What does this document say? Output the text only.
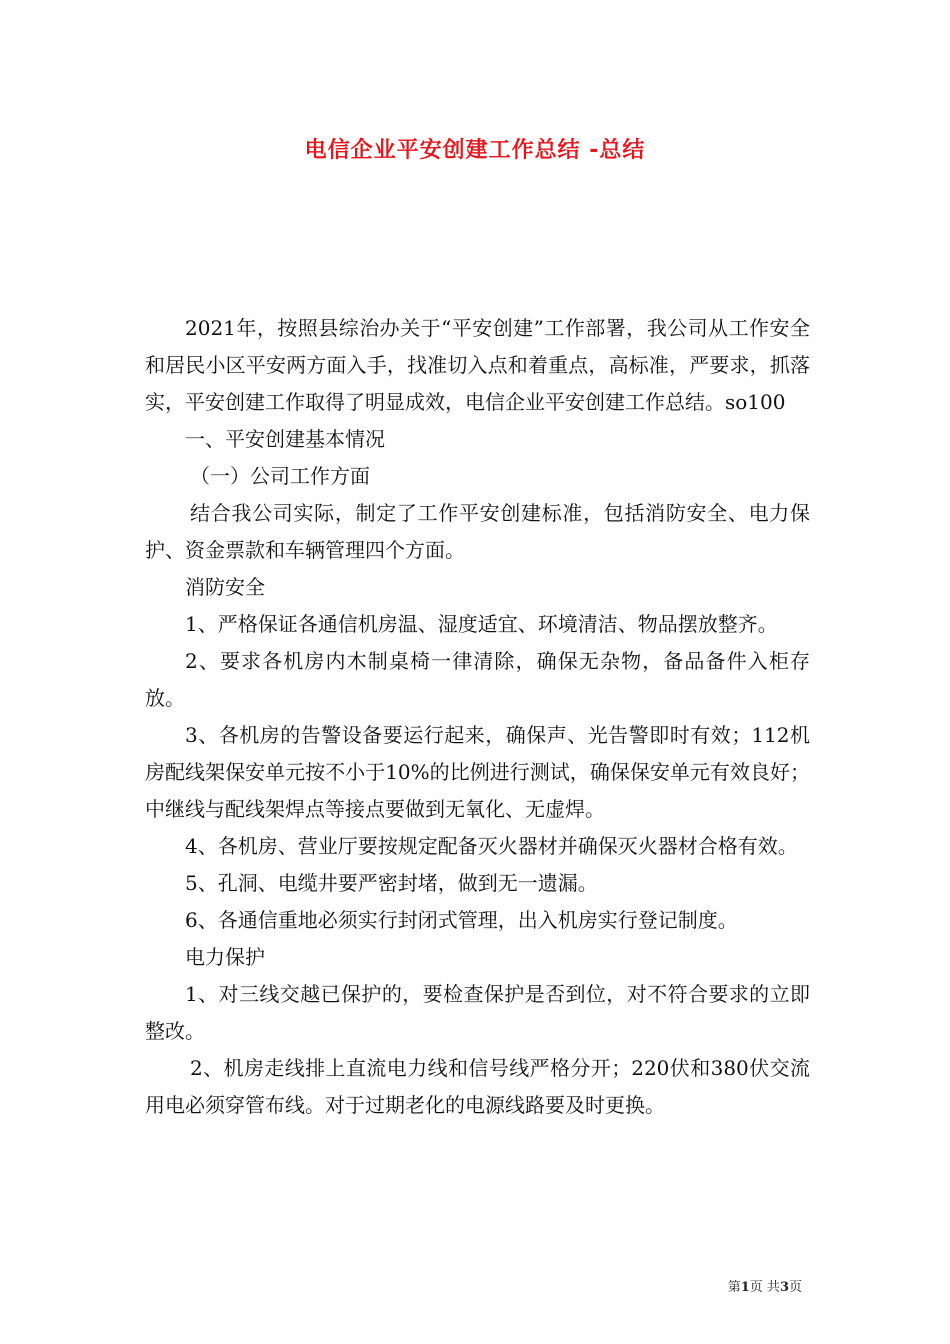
电信企业平安创建工作总结 -总结

2021年，按照县综治办关于“平安创建”工作部署，我公司从工作安全和居民小区平安两方面入手，找准切入点和着重点，高标准，严要求，抓落实，平安创建工作取得了明显成效，电信企业平安创建工作总结。so100

一、平安创建基本情况

（一）公司工作方面

结合我公司实际，制定了工作平安创建标准，包括消防安全、电力保护、资金票款和车辆管理四个方面。

消防安全

1、严格保证各通信机房温、湿度适宜、环境清洁、物品摆放整齐。

2、要求各机房内木制桌椅一律清除，确保无杂物，备品备件入柜存放。

3、各机房的告警设备要运行起来，确保声、光告警即时有效；112机房配线架保安单元按不小于10%的比例进行测试，确保保安单元有效良好；中继线与配线架焊点等接点要做到无氧化、无虚焊。

4、各机房、营业厅要按规定配备灭火器材并确保灭火器材合格有效。

5、孔洞、电缆井要严密封堵，做到无一遗漏。

6、各通信重地必须实行封闭式管理，出入机房实行登记制度。

电力保护

1、对三线交越已保护的，要检查保护是否到位，对不符合要求的立即整改。

2、机房走线排上直流电力线和信号线严格分开；220伏和380伏交流用电必须穿管布线。对于过期老化的电源线路要及时更换。

第1页 共3页
